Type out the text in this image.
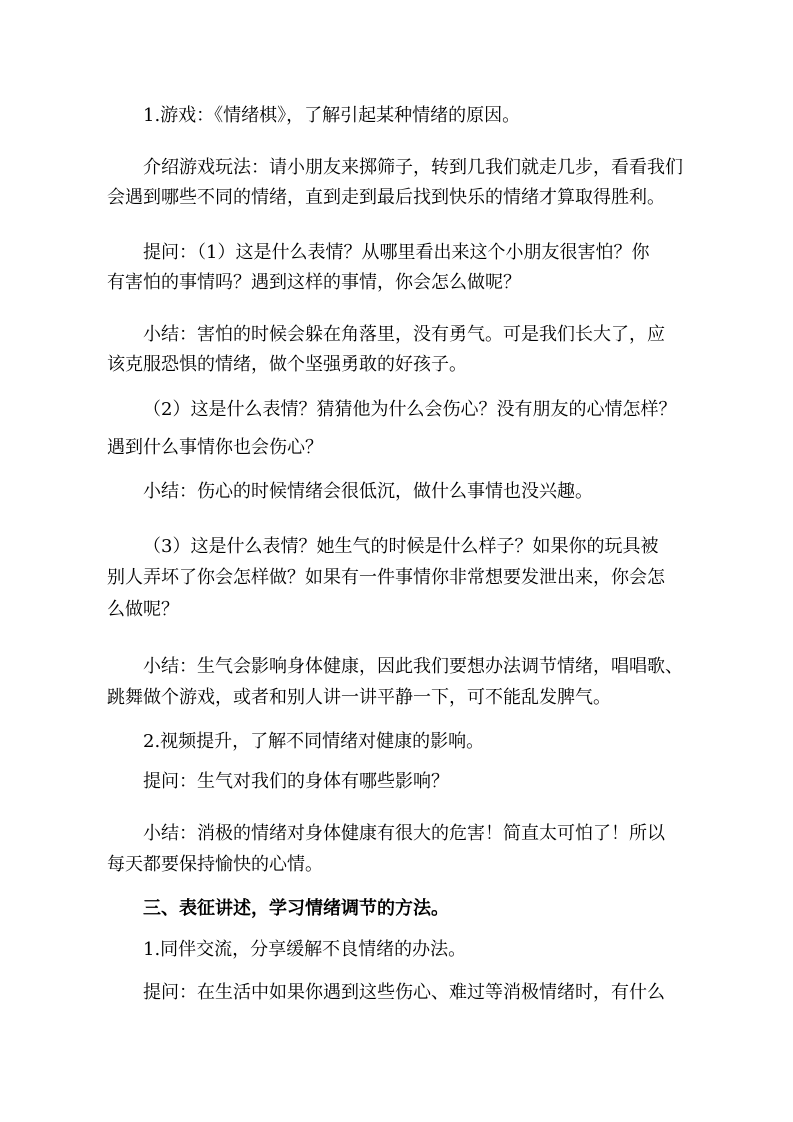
1.游戏：《情绪棋》，了解引起某种情绪的原因。
介绍游戏玩法：请小朋友来掷筛子，转到几我们就走几步，看看我们
会遇到哪些不同的情绪，直到走到最后找到快乐的情绪才算取得胜利。
提问：（1）这是什么表情？从哪里看出来这个小朋友很害怕？你
有害怕的事情吗？遇到这样的事情，你会怎么做呢？
小结：害怕的时候会躲在角落里，没有勇气。可是我们长大了，应
该克服恐惧的情绪，做个坚强勇敢的好孩子。
（2）这是什么表情？猜猜他为什么会伤心？没有朋友的心情怎样？
遇到什么事情你也会伤心？
小结：伤心的时候情绪会很低沉，做什么事情也没兴趣。
（3）这是什么表情？她生气的时候是什么样子？如果你的玩具被
别人弄坏了你会怎样做？如果有一件事情你非常想要发泄出来，你会怎
么做呢？
小结：生气会影响身体健康，因此我们要想办法调节情绪，唱唱歌、
跳舞做个游戏，或者和别人讲一讲平静一下，可不能乱发脾气。
2.视频提升，了解不同情绪对健康的影响。
提问：生气对我们的身体有哪些影响？
小结：消极的情绪对身体健康有很大的危害！简直太可怕了！所以
每天都要保持愉快的心情。
三、表征讲述，学习情绪调节的方法。
1.同伴交流，分享缓解不良情绪的办法。
提问：在生活中如果你遇到这些伤心、难过等消极情绪时，有什么
